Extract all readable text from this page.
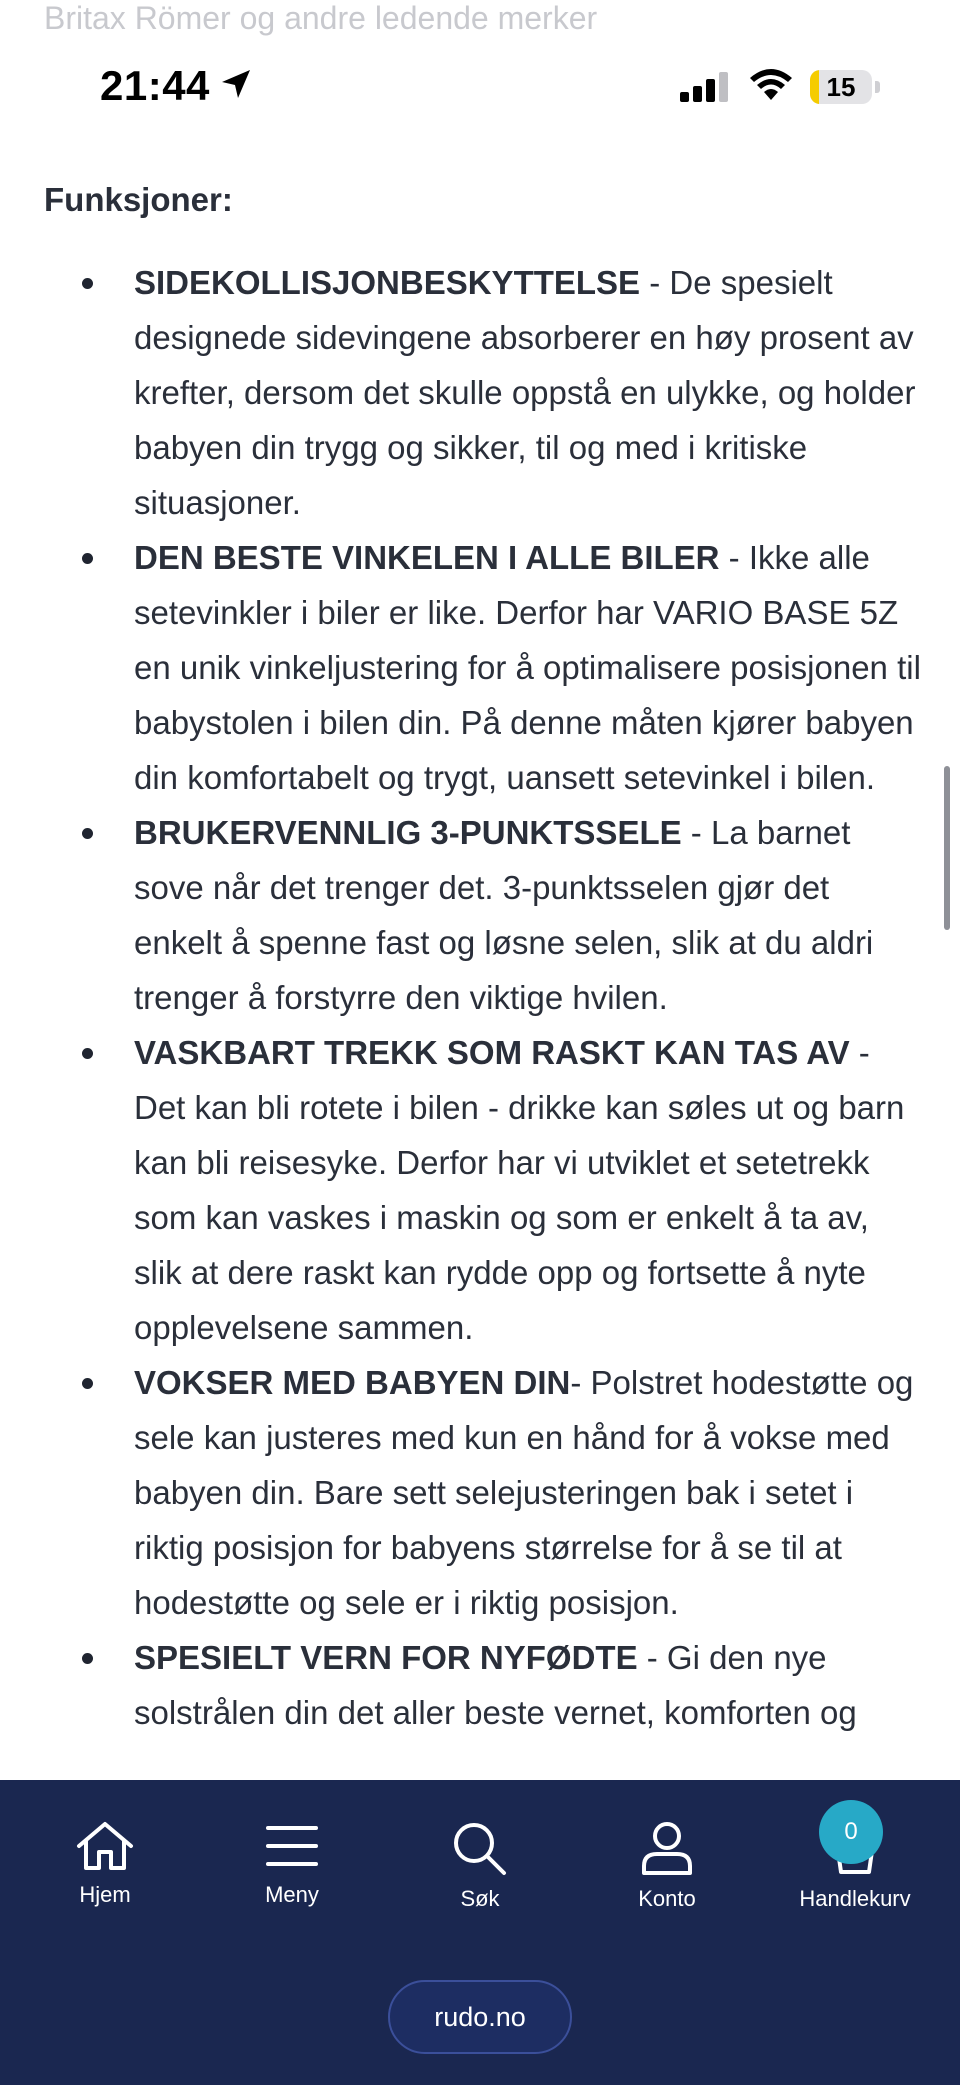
Britax Römer og andre ledende merker
21:44	15
Funksjoner:
SIDEKOLLISJONBESKYTTELSE - De spesielt designede sidevingene absorberer en høy prosent av krefter, dersom det skulle oppstå en ulykke, og holder babyen din trygg og sikker, til og med i kritiske situasjoner.
DEN BESTE VINKELEN I ALLE BILER - Ikke alle setevinkler i biler er like. Derfor har VARIO BASE 5Z en unik vinkeljustering for å optimalisere posisjonen til babystolen i bilen din. På denne måten kjører babyen din komfortabelt og trygt, uansett setevinkel i bilen.
BRUKERVENNLIG 3-PUNKTSSELE - La barnet sove når det trenger det. 3-punktsselen gjør det enkelt å spenne fast og løsne selen, slik at du aldri trenger å forstyrre den viktige hvilen.
VASKBART TREKK SOM RASKT KAN TAS AV - Det kan bli rotete i bilen - drikke kan søles ut og barn kan bli reisesyke. Derfor har vi utviklet et setetrekk som kan vaskes i maskin og som er enkelt å ta av, slik at dere raskt kan rydde opp og fortsette å nyte opplevelsene sammen.
VOKSER MED BABYEN DIN- Polstret hodestøtte og sele kan justeres med kun en hånd for å vokse med babyen din. Bare sett selejusteringen bak i setet i riktig posisjon for babyens størrelse for å se til at hodestøtte og sele er i riktig posisjon.
SPESIELT VERN FOR NYFØDTE - Gi den nye solstrålen din det aller beste vernet, komforten og
Hjem	Meny	Søk	Konto	Handlekurv
0
rudo.no
